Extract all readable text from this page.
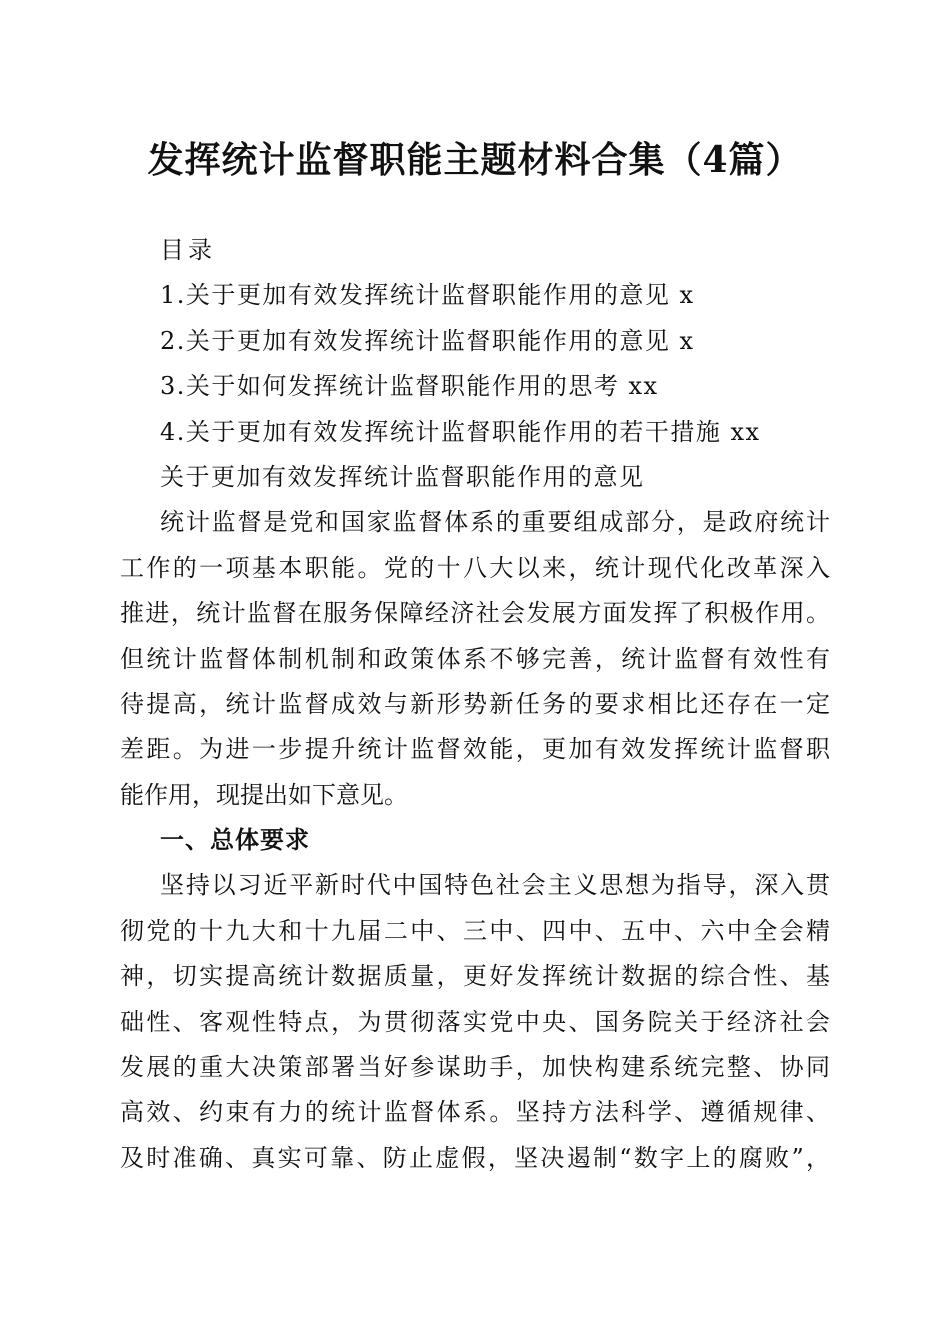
发挥统计监督职能主题材料合集（4篇）
目录
1.关于更加有效发挥统计监督职能作用的意见 x
2.关于更加有效发挥统计监督职能作用的意见 x
3.关于如何发挥统计监督职能作用的思考 xx
4.关于更加有效发挥统计监督职能作用的若干措施 xx
关于更加有效发挥统计监督职能作用的意见
统计监督是党和国家监督体系的重要组成部分，是政府统计
工作的一项基本职能。党的十八大以来，统计现代化改革深入
推进，统计监督在服务保障经济社会发展方面发挥了积极作用。
但统计监督体制机制和政策体系不够完善，统计监督有效性有
待提高，统计监督成效与新形势新任务的要求相比还存在一定
差距。为进一步提升统计监督效能，更加有效发挥统计监督职
能作用，现提出如下意见。
一、总体要求
坚持以习近平新时代中国特色社会主义思想为指导，深入贯
彻党的十九大和十九届二中、三中、四中、五中、六中全会精
神，切实提高统计数据质量，更好发挥统计数据的综合性、基
础性、客观性特点，为贯彻落实党中央、国务院关于经济社会
发展的重大决策部署当好参谋助手，加快构建系统完整、协同
高效、约束有力的统计监督体系。坚持方法科学、遵循规律、
及时准确、真实可靠、防止虚假，坚决遏制“数字上的腐败”，
